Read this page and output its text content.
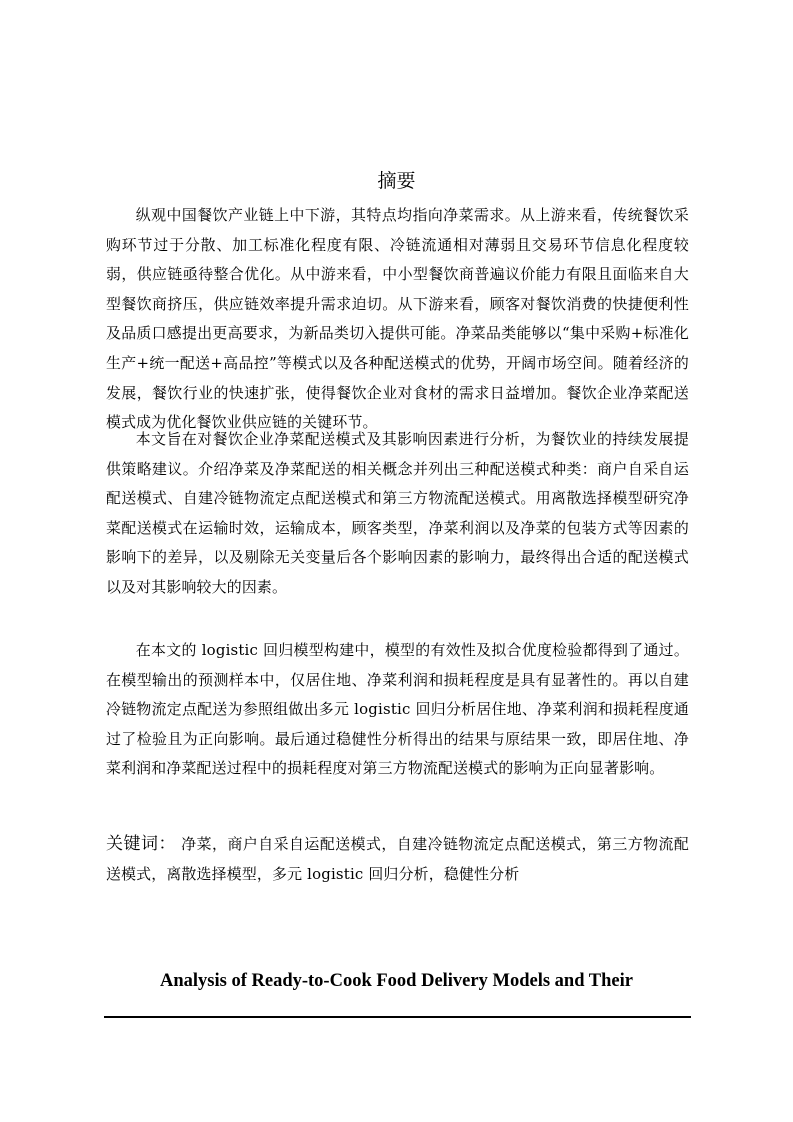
摘要

纵观中国餐饮产业链上中下游，其特点均指向净菜需求。从上游来看，传统餐饮采购环节过于分散、加工标准化程度有限、冷链流通相对薄弱且交易环节信息化程度较弱，供应链亟待整合优化。从中游来看，中小型餐饮商普遍议价能力有限且面临来自大型餐饮商挤压，供应链效率提升需求迫切。从下游来看，顾客对餐饮消费的快捷便利性及品质口感提出更高要求，为新品类切入提供可能。净菜品类能够以“集中采购+标准化生产+统一配送+高品控”等模式以及各种配送模式的优势，开阔市场空间。随着经济的发展，餐饮行业的快速扩张，使得餐饮企业对食材的需求日益增加。餐饮企业净菜配送模式成为优化餐饮业供应链的关键环节。

本文旨在对餐饮企业净菜配送模式及其影响因素进行分析，为餐饮业的持续发展提供策略建议。介绍净菜及净菜配送的相关概念并列出三种配送模式种类：商户自采自运配送模式、自建冷链物流定点配送模式和第三方物流配送模式。用离散选择模型研究净菜配送模式在运输时效，运输成本，顾客类型，净菜利润以及净菜的包装方式等因素的影响下的差异，以及剔除无关变量后各个影响因素的影响力，最终得出合适的配送模式以及对其影响较大的因素。

在本文的 logistic 回归模型构建中，模型的有效性及拟合优度检验都得到了通过。在模型输出的预测样本中，仅居住地、净菜利润和损耗程度是具有显著性的。再以自建冷链物流定点配送为参照组做出多元 logistic 回归分析居住地、净菜利润和损耗程度通过了检验且为正向影响。最后通过稳健性分析得出的结果与原结果一致，即居住地、净菜利润和净菜配送过程中的损耗程度对第三方物流配送模式的影响为正向显著影响。

关键词： 净菜，商户自采自运配送模式，自建冷链物流定点配送模式，第三方物流配送模式，离散选择模型，多元 logistic 回归分析，稳健性分析
Analysis of Ready-to-Cook Food Delivery Models and Their
